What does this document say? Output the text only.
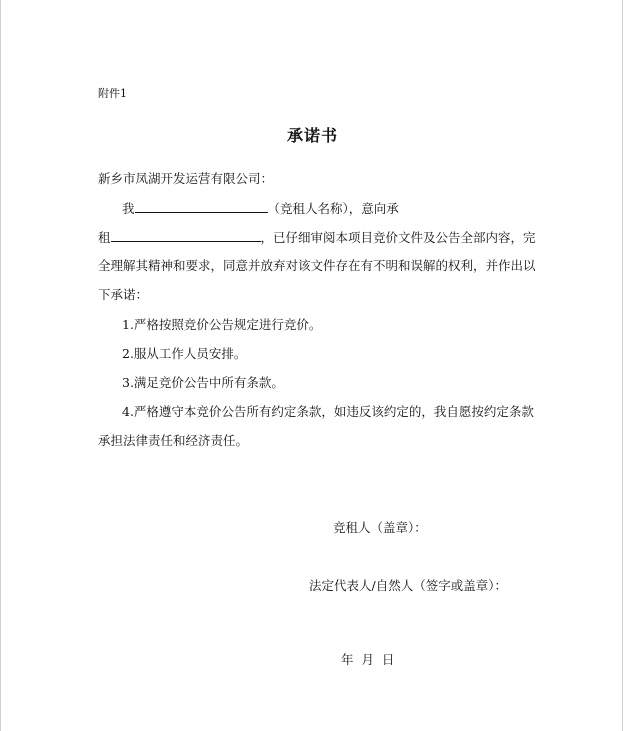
附件1
承诺书
新乡市凤湖开发运营有限公司：
我	（竞租人名称），意向承
租	，已仔细审阅本项目竞价文件及公告全部内容，完
全理解其精神和要求，同意并放弃对该文件存在有不明和误解的权利，并作出以
下承诺：
1.严格按照竞价公告规定进行竞价。
2.服从工作人员安排。
3.满足竞价公告中所有条款。
4.严格遵守本竞价公告所有约定条款，如违反该约定的，我自愿按约定条款
承担法律责任和经济责任。
竞租人（盖章）：
法定代表人/自然人（签字或盖章）：
年  月  日
